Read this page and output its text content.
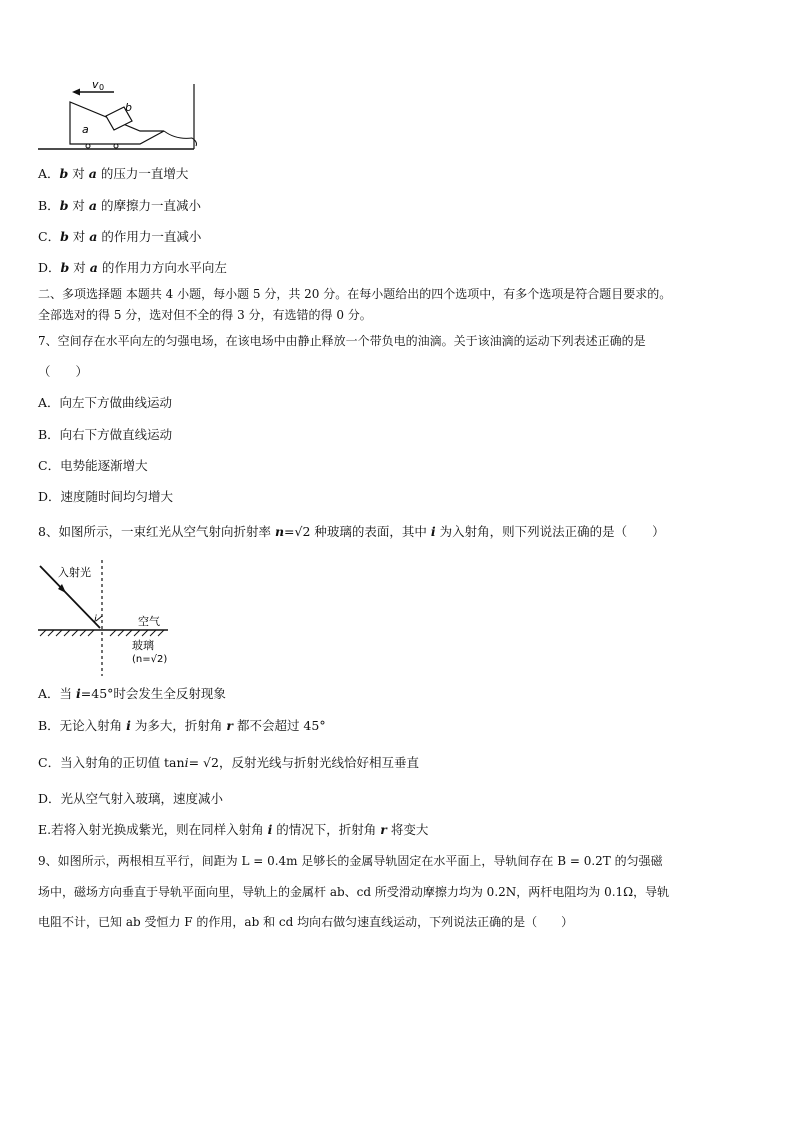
v 0
b
a
A．b 对 a 的压力一直增大
B．b 对 a 的摩擦力一直减小
C．b 对 a 的作用力一直减小
D．b 对 a 的作用力方向水平向左
二、多项选择题 本题共 4 小题，每小题 5 分，共 20 分。在每小题给出的四个选项中，有多个选项是符合题目要求的。
全部选对的得 5 分，选对但不全的得 3 分，有选错的得 0 分。
7、空间存在水平向左的匀强电场，在该电场中由静止释放一个带负电的油滴。关于该油滴的运动下列表述正确的是
（　　）
A．向左下方做曲线运动
B．向右下方做直线运动
C．电势能逐渐增大
D．速度随时间均匀增大
8、如图所示，一束红光从空气射向折射率 n=√2 种玻璃的表面，其中 i 为入射角，则下列说法正确的是（　　）
入射光
i	空气
玻璃
(n=√2)
A．当 i=45°时会发生全反射现象
B．无论入射角 i 为多大，折射角 r 都不会超过 45°
C．当入射角的正切值 tani= √2，反射光线与折射光线恰好相互垂直
D．光从空气射入玻璃，速度减小
E.若将入射光换成紫光，则在同样入射角 i 的情况下，折射角 r 将变大
9、如图所示，两根相互平行，间距为 L = 0.4m 足够长的金属导轨固定在水平面上，导轨间存在 B = 0.2T 的匀强磁
场中，磁场方向垂直于导轨平面向里，导轨上的金属杆 ab、cd 所受滑动摩擦力均为 0.2N，两杆电阻均为 0.1Ω，导轨
电阻不计，已知 ab 受恒力 F 的作用，ab 和 cd 均向右做匀速直线运动，下列说法正确的是（　　）
